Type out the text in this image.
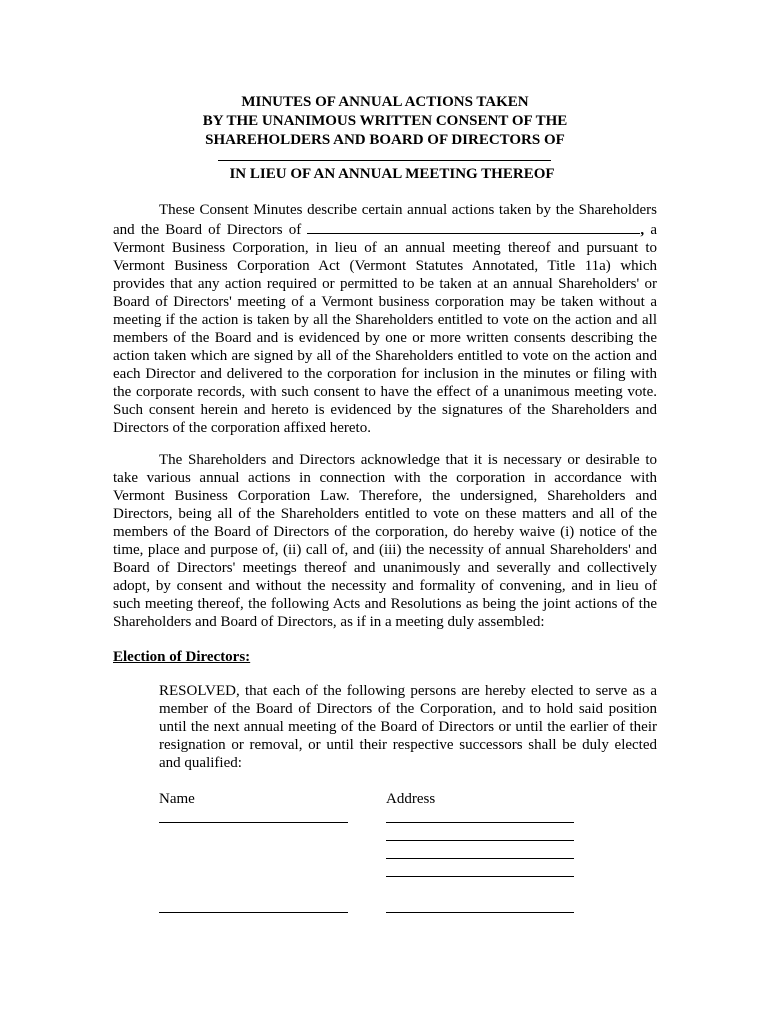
MINUTES OF ANNUAL ACTIONS TAKEN
BY THE UNANIMOUS WRITTEN CONSENT OF THE
SHAREHOLDERS AND BOARD OF DIRECTORS OF
IN LIEU OF AN ANNUAL MEETING THEREOF

These Consent Minutes describe certain annual actions taken by the Shareholders and the Board of Directors of	, a Vermont Business Corporation, in lieu of an annual meeting thereof and pursuant to Vermont Business Corporation Act (Vermont Statutes Annotated, Title 11a) which provides that any action required or permitted to be taken at an annual Shareholders' or Board of Directors' meeting of a Vermont business corporation may be taken without a meeting if the action is taken by all the Shareholders entitled to vote on the action and all members of the Board and is evidenced by one or more written consents describing the action taken which are signed by all of the Shareholders entitled to vote on the action and each Director and delivered to the corporation for inclusion in the minutes or filing with the corporate records, with such consent to have the effect of a unanimous meeting vote. Such consent herein and hereto is evidenced by the signatures of the Shareholders and Directors of the corporation affixed hereto.

The Shareholders and Directors acknowledge that it is necessary or desirable to take various annual actions in connection with the corporation in accordance with Vermont Business Corporation Law. Therefore, the undersigned, Shareholders and Directors, being all of the Shareholders entitled to vote on these matters and all of the members of the Board of Directors of the corporation, do hereby waive (i) notice of the time, place and purpose of, (ii) call of, and (iii) the necessity of annual Shareholders' and Board of Directors' meetings thereof and unanimously and severally and collectively adopt, by consent and without the necessity and formality of convening, and in lieu of such meeting thereof, the following Acts and Resolutions as being the joint actions of the Shareholders and Board of Directors, as if in a meeting duly assembled:

Election of Directors:

RESOLVED, that each of the following persons are hereby elected to serve as a member of the Board of Directors of the Corporation, and to hold said position until the next annual meeting of the Board of Directors or until the earlier of their resignation or removal, or until their respective successors shall be duly elected and qualified:

Name	Address
